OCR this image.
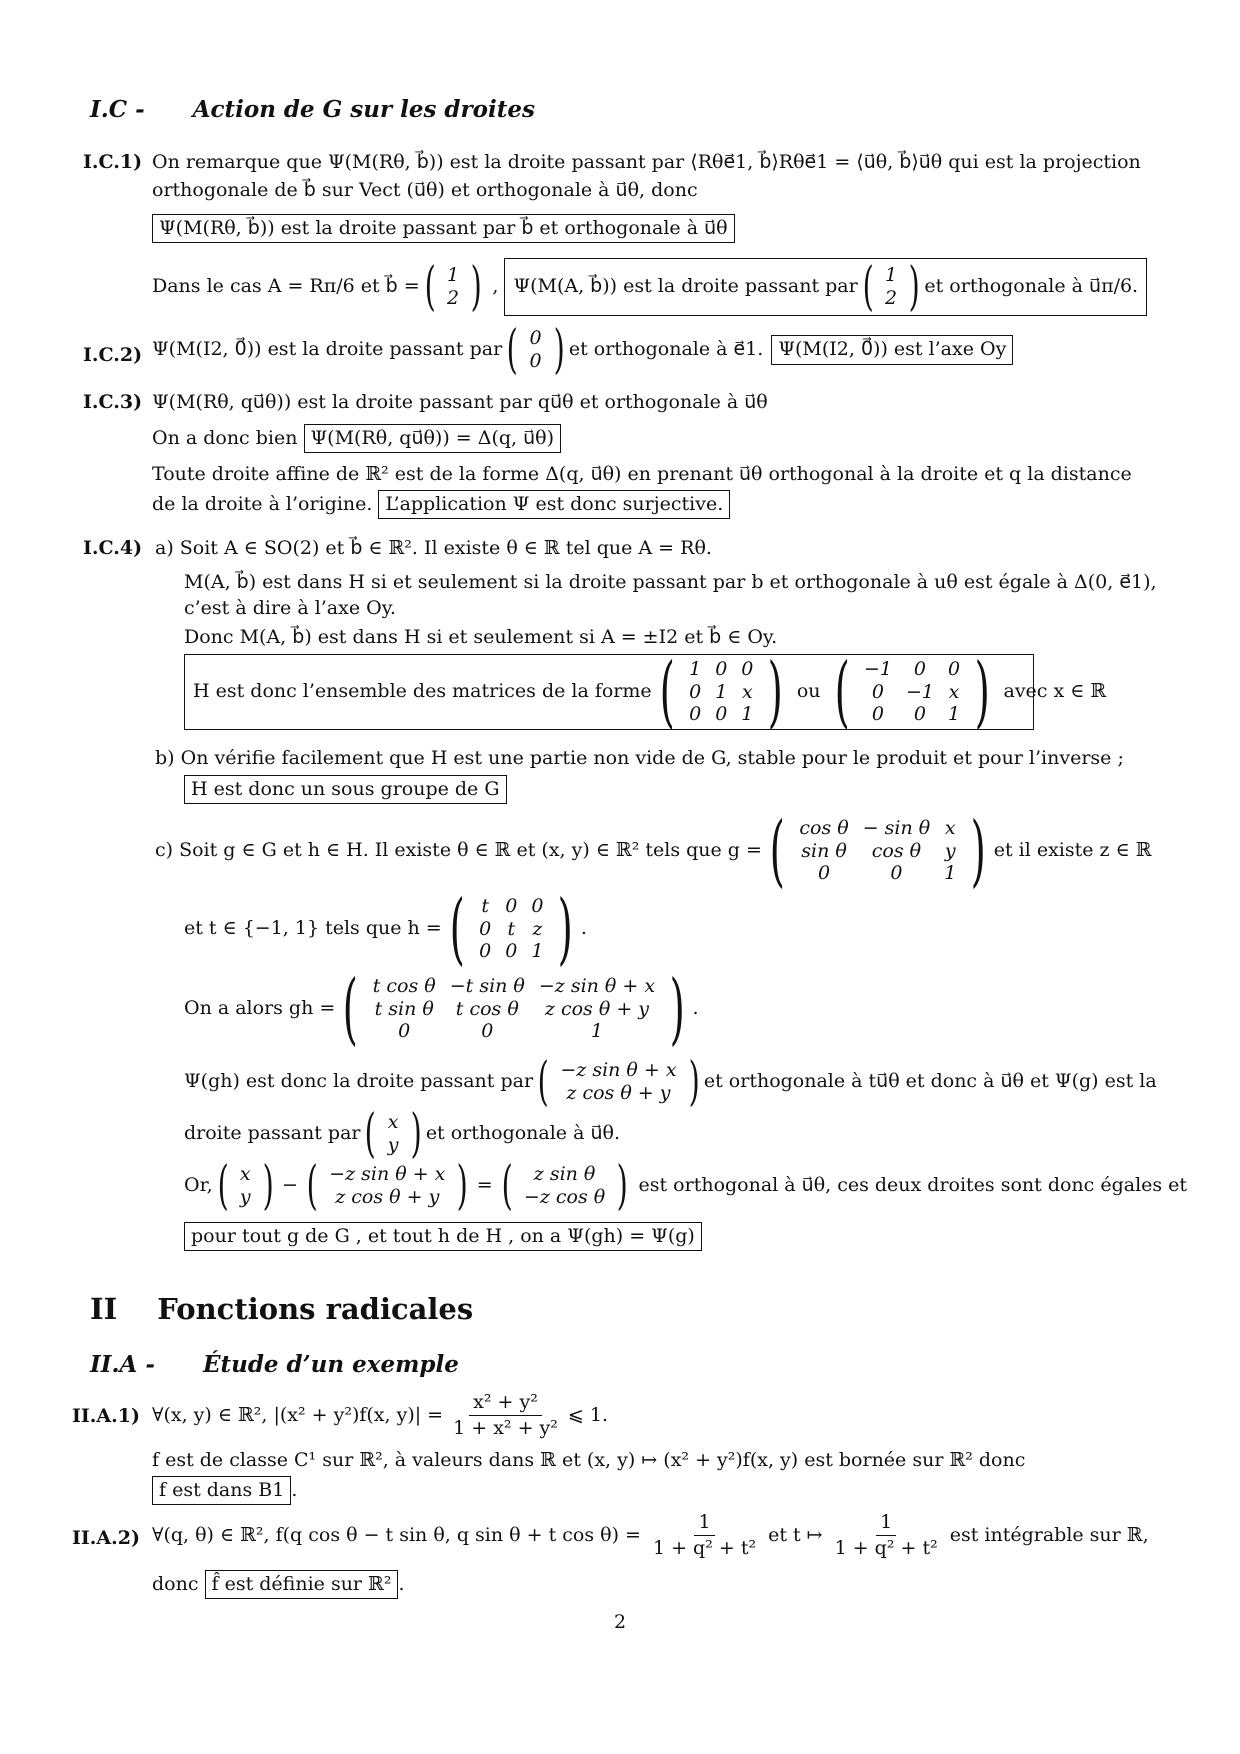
I.C - Action de G sur les droites
I.C.1) On remarque que Ψ(M(Rθ, b⃗)) est la droite passant par ⟨Rθe⃗1, b⃗⟩Rθe⃗1 = ⟨u⃗θ, b⃗⟩u⃗θ qui est la projection
orthogonale de b⃗ sur Vect (u⃗θ) et orthogonale à u⃗θ, donc
Ψ(M(Rθ, b⃗)) est la droite passant par b⃗ et orthogonale à u⃗θ
Dans le cas A = Rπ/6 et b⃗ = ( 1
2 ) , Ψ(M(A, b⃗)) est la droite passant par ( 1
2 ) et orthogonale à u⃗π/6.
I.C.2) Ψ(M(I2, 0⃗)) est la droite passant par ( 0
0 ) et orthogonale à e⃗1. Ψ(M(I2, 0⃗)) est l’axe Oy
I.C.3) Ψ(M(Rθ, qu⃗θ)) est la droite passant par qu⃗θ et orthogonale à u⃗θ
On a donc bien Ψ(M(Rθ, qu⃗θ)) = Δ(q, u⃗θ)
Toute droite affine de ℝ² est de la forme Δ(q, u⃗θ) en prenant u⃗θ orthogonal à la droite et q la distance
de la droite à l’origine. L’application Ψ est donc surjective.
I.C.4) a) Soit A ∈ SO(2) et b⃗ ∈ ℝ². Il existe θ ∈ ℝ tel que A = Rθ.
M(A, b⃗) est dans H si et seulement si la droite passant par b et orthogonale à uθ est égale à Δ(0, e⃗1),
c’est à dire à l’axe Oy.
Donc M(A, b⃗) est dans H si et seulement si A = ±I2 et b⃗ ∈ Oy.
H est donc l’ensemble des matrices de la forme ( 1	0	0
0	1	x
0	0	1 ) ou ( −1	0	0
0	−1	x
0	0	1 ) avec x ∈ ℝ
b) On vérifie facilement que H est une partie non vide de G, stable pour le produit et pour l’inverse ;
H est donc un sous groupe de G
c) Soit g ∈ G et h ∈ H. Il existe θ ∈ ℝ et (x, y) ∈ ℝ² tels que g = ( cos θ	− sin θ	x
sin θ	cos θ	y
0	0	1 ) et il existe z ∈ ℝ
et t ∈ {−1, 1} tels que h = ( t	0	0
0	t	z
0	0	1 ) .
On a alors gh = ( t cos θ	−t sin θ	−z sin θ + x
t sin θ	t cos θ	z cos θ + y
0	0	1 ) .
Ψ(gh) est donc la droite passant par ( −z sin θ + x
z cos θ + y ) et orthogonale à tu⃗θ et donc à u⃗θ et Ψ(g) est la
droite passant par ( x
y ) et orthogonale à u⃗θ.
Or, ( x
y ) − ( −z sin θ + x
z cos θ + y ) = ( z sin θ
−z cos θ ) est orthogonal à u⃗θ, ces deux droites sont donc égales et
pour tout g de G , et tout h de H , on a Ψ(gh) = Ψ(g)
II Fonctions radicales
II.A - Étude d’un exemple
II.A.1) ∀(x, y) ∈ ℝ², |(x² + y²)f(x, $y)| = \frac{\text{x² + y²}}{\text{1 + x² + y²}}$ ⩽ 1.
f est de classe C¹ sur ℝ², à valeurs dans ℝ et (x, y) ↦ (x² + y²)f(x, y) est bornée sur ℝ² donc
f est dans B1 .
II.A.2) ∀(q, θ) ∈ ℝ², f(q cos θ − t sin θ, q sin θ + t $\cos \theta) = \frac{1}{\text{1 + q² + t²}}$ et t ↦ $\frac{1}{\text{1 + q² + t²}}$ est intégrable sur ℝ,
donc f̂ est définie sur ℝ² .
2
